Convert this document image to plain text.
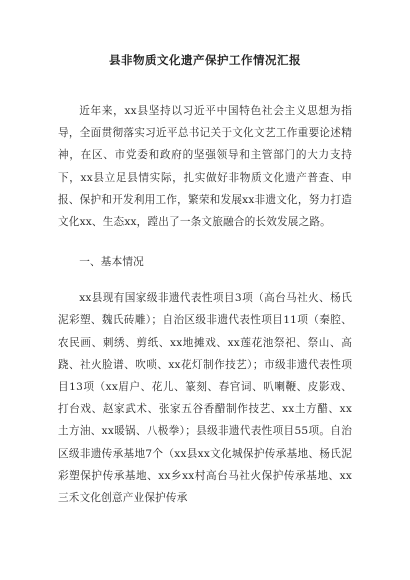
县非物质文化遗产保护工作情况汇报

近年来，xx县坚持以习近平中国特色社会主义思想为指导，全面贯彻落实习近平总书记关于文化文艺工作重要论述精神，在区、市党委和政府的坚强领导和主管部门的大力支持下，xx县立足县情实际，扎实做好非物质文化遗产普查、申报、保护和开发利用工作，繁荣和发展xx非遗文化，努力打造文化xx、生态xx，蹚出了一条文旅融合的长效发展之路。

一、基本情况

xx县现有国家级非遗代表性项目3项（高台马社火、杨氏泥彩塑、魏氏砖雕）；自治区级非遗代表性项目11项（秦腔、农民画、刺绣、剪纸、xx地摊戏、xx莲花池祭祀、祭山、高跷、社火脸谱、吹唢、xx花灯制作技艺）；市级非遗代表性项目13项（xx眉户、花儿、篆刻、春官词、叭喇鞭、皮影戏、打台戏、赵家武术、张家五谷香醋制作技艺、xx土方醋、xx土方油、xx暖锅、八极拳）；县级非遗代表性项目55项。自治区级非遗传承基地7个（xx县xx文化城保护传承基地、杨氏泥彩塑保护传承基地、xx乡xx村高台马社火保护传承基地、xx三禾文化创意产业保护传承
